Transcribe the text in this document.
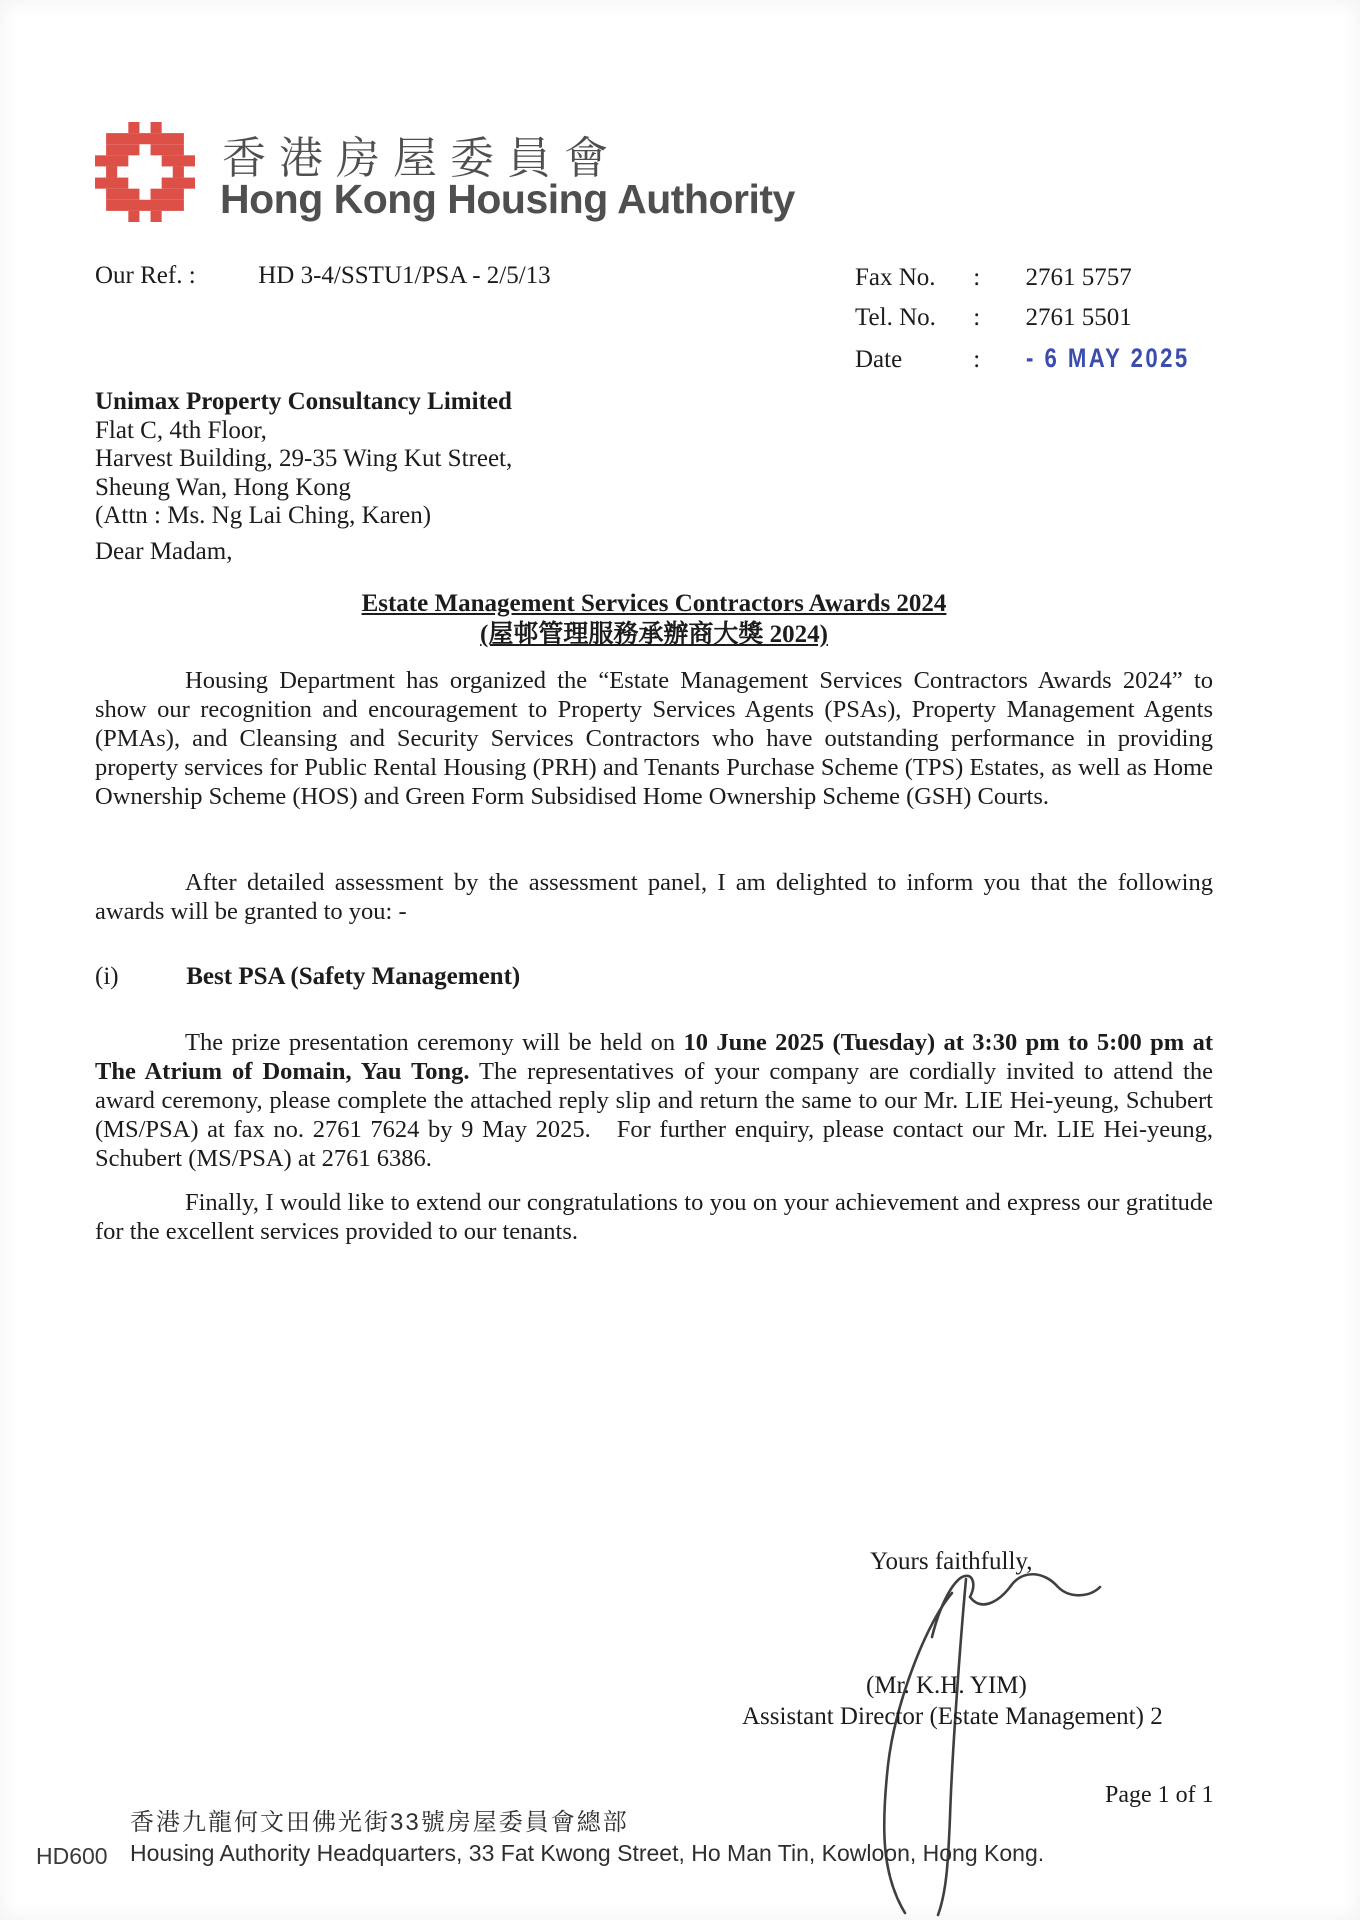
香港房屋委員會
Hong Kong Housing Authority
Our Ref. :	HD 3-4/SSTU1/PSA - 2/5/13	Fax No. : 2761 5757
Tel. No. : 2761 5501
Date	: - 6 MAY 2025
Unimax Property Consultancy Limited
Flat C, 4th Floor,
Harvest Building, 29-35 Wing Kut Street,
Sheung Wan, Hong Kong
(Attn : Ms. Ng Lai Ching, Karen)
Dear Madam,
Estate Management Services Contractors Awards 2024
(屋邨管理服務承辦商大獎 2024)
Housing Department has organized the “Estate Management Services Contractors Awards 2024” to show our recognition and encouragement to Property Services Agents (PSAs), Property Management Agents (PMAs), and Cleansing and Security Services Contractors who have outstanding performance in providing property services for Public Rental Housing (PRH) and Tenants Purchase Scheme (TPS) Estates, as well as Home Ownership Scheme (HOS) and Green Form Subsidised Home Ownership Scheme (GSH) Courts.
After detailed assessment by the assessment panel, I am delighted to inform you that the following awards will be granted to you: -
(i)	Best PSA (Safety Management)
The prize presentation ceremony will be held on 10 June 2025 (Tuesday) at 3:30 pm to 5:00 pm at The Atrium of Domain, Yau Tong. The representatives of your company are cordially invited to attend the award ceremony, please complete the attached reply slip and return the same to our Mr. LIE Hei-yeung, Schubert (MS/PSA) at fax no. 2761 7624 by 9 May 2025.   For further enquiry, please contact our Mr. LIE Hei-yeung, Schubert (MS/PSA) at 2761 6386.
Finally, I would like to extend our congratulations to you on your achievement and express our gratitude for the excellent services provided to our tenants.
Yours faithfully,
(Mr. K.H. YIM)
Assistant Director (Estate Management) 2
Page 1 of 1
香港九龍何文田佛光街33號房屋委員會總部
Housing Authority Headquarters, 33 Fat Kwong Street, Ho Man Tin, Kowloon, Hong Kong.
HD600
